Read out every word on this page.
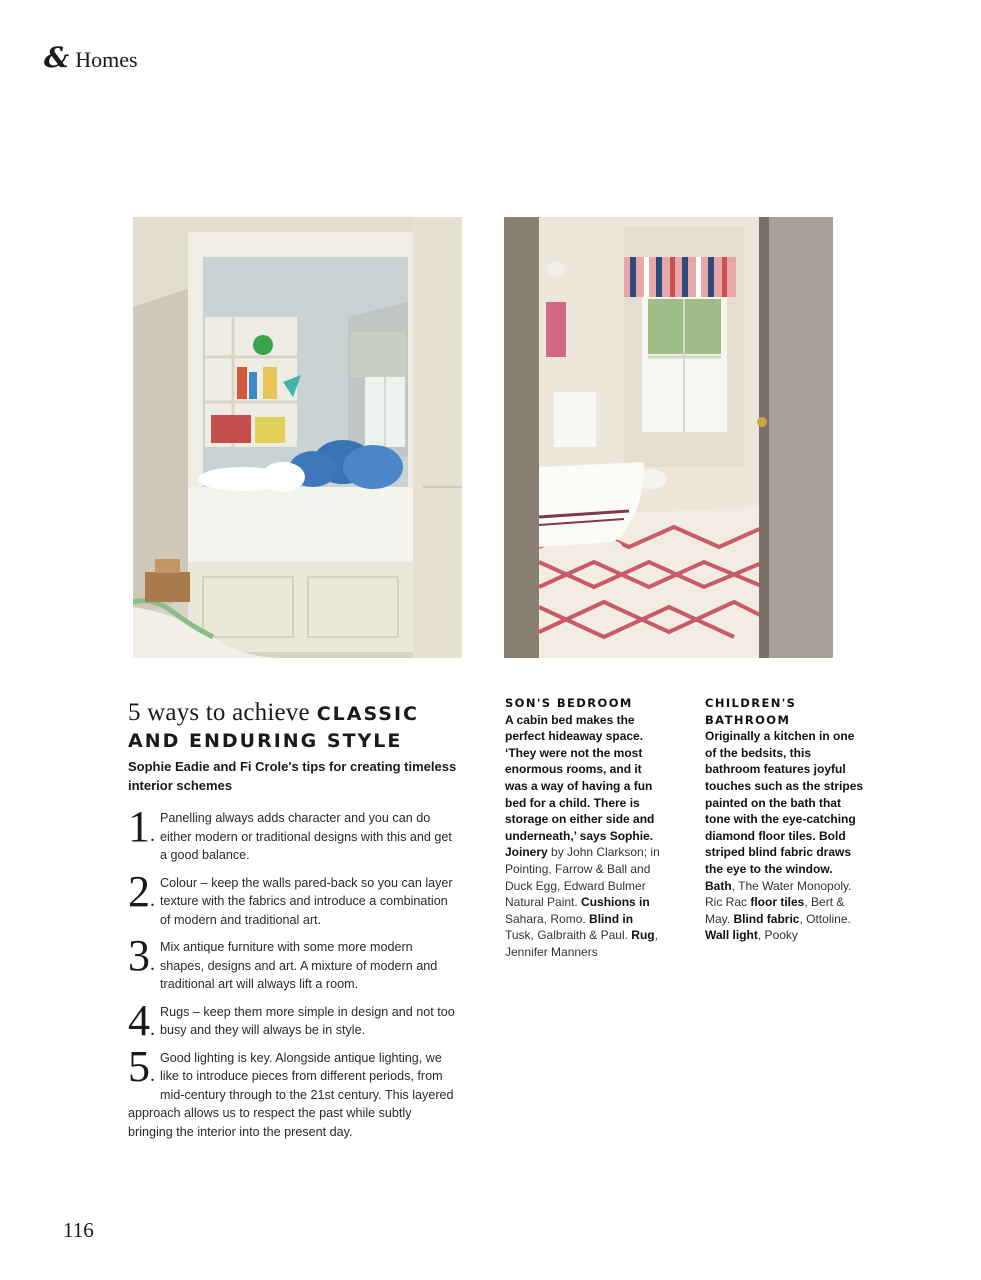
& Homes
5 ways to achieve CLASSIC
AND ENDURING STYLE
Sophie Eadie and Fi Crole's tips for creating timeless interior schemes
1.
Panelling always adds character and you can do either modern or traditional designs with this and get a good balance.
2.
Colour – keep the walls pared-back so you can layer texture with the fabrics and introduce a combination of modern and traditional art.
3.
Mix antique furniture with some more modern shapes, designs and art. A mixture of modern and traditional art will always lift a room.
4.
Rugs – keep them more simple in design and not too busy and they will always be in style.
5.
Good lighting is key. Alongside antique lighting, we like to introduce pieces from different periods, from mid-century through to the 21st century. This layered approach allows us to respect the past while subtly bringing the interior into the present day.
SON'S BEDROOM
A cabin bed makes the perfect hideaway space. ‘They were not the most enormous rooms, and it was a way of having a fun bed for a child. There is storage on either side and underneath,’ says Sophie. Joinery by John Clarkson; in Pointing, Farrow & Ball and Duck Egg, Edward Bulmer Natural Paint. Cushions in Sahara, Romo. Blind in Tusk, Galbraith & Paul. Rug, Jennifer Manners
CHILDREN'S BATHROOM
Originally a kitchen in one of the bedsits, this bathroom features joyful touches such as the stripes painted on the bath that tone with the eye-catching diamond floor tiles. Bold striped blind fabric draws the eye to the window. Bath, The Water Monopoly. Ric Rac floor tiles, Bert & May. Blind fabric, Ottoline. Wall light, Pooky
116
